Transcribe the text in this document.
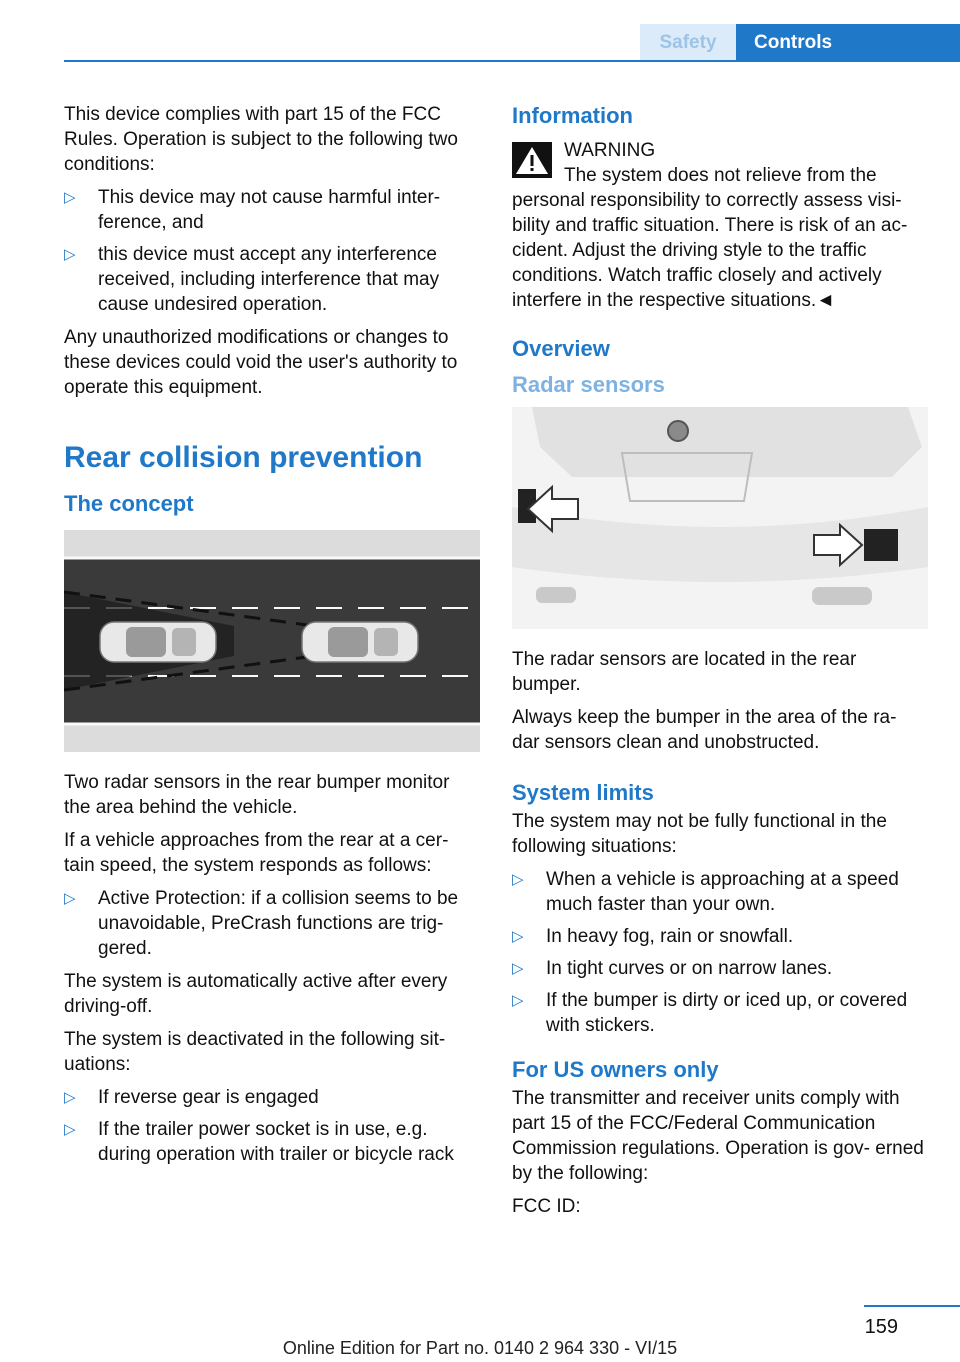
Safety	Controls

This device complies with part 15 of the FCC Rules. Operation is subject to the following two conditions:

▷ This device may not cause harmful inter- ference, and
▷ this device must accept any interference received, including interference that may cause undesired operation.

Any unauthorized modifications or changes to these devices could void the user's authority to operate this equipment.

Rear collision prevention
The concept

Two radar sensors in the rear bumper monitor the area behind the vehicle.

If a vehicle approaches from the rear at a cer- tain speed, the system responds as follows:

▷ Active Protection: if a collision seems to be unavoidable, PreCrash functions are trig- gered.

The system is automatically active after every driving-off.

The system is deactivated in the following sit- uations:

▷ If reverse gear is engaged
▷ If the trailer power socket is in use, e.g. during operation with trailer or bicycle rack
Information
WARNING

The system does not relieve from the personal responsibility to correctly assess visi- bility and traffic situation. There is risk of an ac- cident. Adjust the driving style to the traffic conditions. Watch traffic closely and actively interfere in the respective situations.◄

Overview
Radar sensors

The radar sensors are located in the rear bumper.

Always keep the bumper in the area of the ra- dar sensors clean and unobstructed.

System limits

The system may not be fully functional in the following situations:

▷ When a vehicle is approaching at a speed much faster than your own.
▷ In heavy fog, rain or snowfall.
▷ In tight curves or on narrow lanes.
▷ If the bumper is dirty or iced up, or covered with stickers.
For US owners only

The transmitter and receiver units comply with part 15 of the FCC/Federal Communication Commission regulations. Operation is gov- erned by the following:

FCC ID:

159
Online Edition for Part no. 0140 2 964 330 - VI/15
